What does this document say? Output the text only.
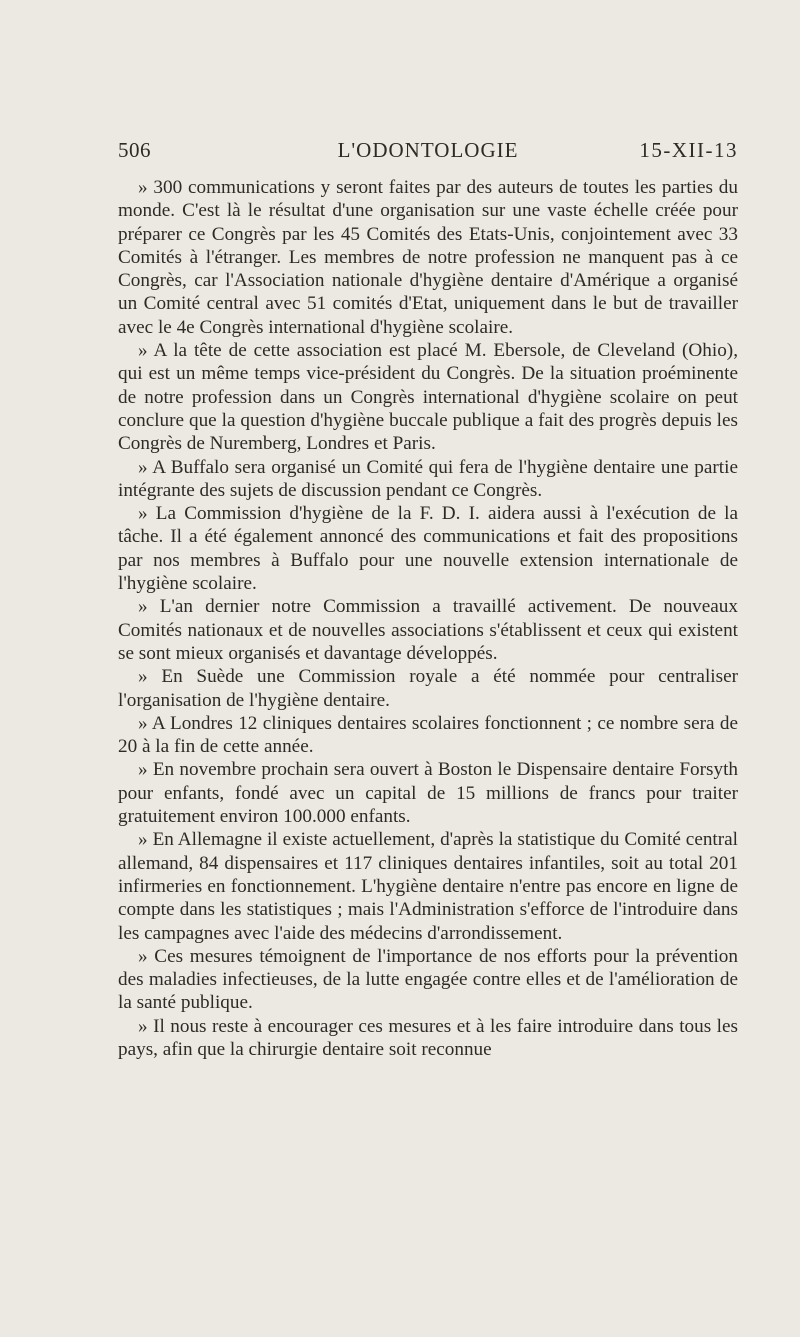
506	L'ODONTOLOGIE	15-XII-13

» 300 communications y seront faites par des auteurs de toutes les parties du monde. C'est là le résultat d'une organisation sur une vaste échelle créée pour préparer ce Congrès par les 45 Comités des Etats-Unis, conjointement avec 33 Comités à l'étranger. Les membres de notre profession ne manquent pas à ce Congrès, car l'Association nationale d'hygiène dentaire d'Amérique a organisé un Comité central avec 51 comités d'Etat, uniquement dans le but de travailler avec le 4e Congrès international d'hygiène scolaire.

» A la tête de cette association est placé M. Ebersole, de Cleveland (Ohio), qui est un même temps vice-président du Congrès. De la situation proéminente de notre profession dans un Congrès international d'hygiène scolaire on peut conclure que la question d'hygiène buccale publique a fait des progrès depuis les Congrès de Nuremberg, Londres et Paris.

» A Buffalo sera organisé un Comité qui fera de l'hygiène dentaire une partie intégrante des sujets de discussion pendant ce Congrès.

» La Commission d'hygiène de la F. D. I. aidera aussi à l'exécution de la tâche. Il a été également annoncé des communications et fait des propositions par nos membres à Buffalo pour une nouvelle extension internationale de l'hygiène scolaire.

» L'an dernier notre Commission a travaillé activement. De nouveaux Comités nationaux et de nouvelles associations s'établissent et ceux qui existent se sont mieux organisés et davantage développés.

» En Suède une Commission royale a été nommée pour centraliser l'organisation de l'hygiène dentaire.

» A Londres 12 cliniques dentaires scolaires fonctionnent ; ce nombre sera de 20 à la fin de cette année.

» En novembre prochain sera ouvert à Boston le Dispensaire dentaire Forsyth pour enfants, fondé avec un capital de 15 millions de francs pour traiter gratuitement environ 100.000 enfants.

» En Allemagne il existe actuellement, d'après la statistique du Comité central allemand, 84 dispensaires et 117 cliniques dentaires infantiles, soit au total 201 infirmeries en fonctionnement. L'hygiène dentaire n'entre pas encore en ligne de compte dans les statistiques ; mais l'Administration s'efforce de l'introduire dans les campagnes avec l'aide des médecins d'arrondissement.

» Ces mesures témoignent de l'importance de nos efforts pour la prévention des maladies infectieuses, de la lutte engagée contre elles et de l'amélioration de la santé publique.

» Il nous reste à encourager ces mesures et à les faire introduire dans tous les pays, afin que la chirurgie dentaire soit reconnue
